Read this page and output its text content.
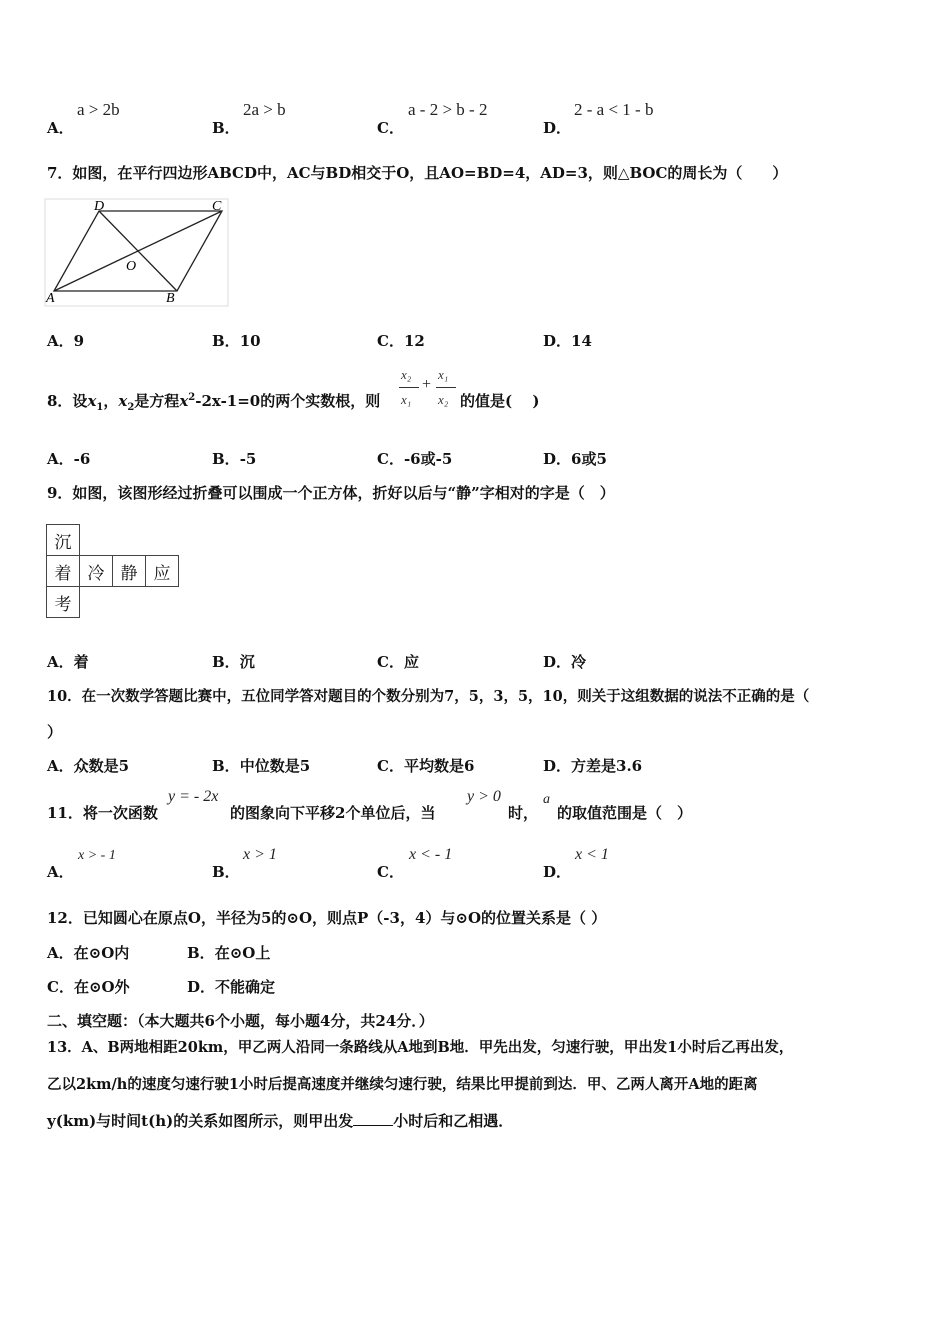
A．
a > 2b
B．
2a > b
C．
a - 2 > b - 2
D．
2 - a < 1 - b
7．如图，在平行四边形ABCD中，AC与BD相交于O，且AO=BD=4，AD=3，则△BOC的周长为（　　）
A	B
C
D
O
A．9	B．10	C．12	D．14
8．设$x_1$，$x_2$是方程$x^2-2x-1=0$的两个实数根，则
x₂
x₁
+
x₁
x₂ 的值是(　 )
A．-6	B．-5	C．-6或-5	D．6或5
9．如图，该图形经过折叠可以围成一个正方体，折好以后与“静”字相对的字是（　）
沉			
着	冷	静	应
考			
A．着	B．沉	C．应	D．冷
10．在一次数学答题比赛中，五位同学答对题目的个数分别为7，5，3，5，10，则关于这组数据的说法不正确的是（
）
A．众数是5	B．中位数是5	C．平均数是6	D．方差是3.6
11．将一次函数
y = - 2x
的图象向下平移2个单位后，当
y > 0
时，
a
的取值范围是（　）
A．
x > - 1
B．
x > 1
C．
x < - 1
D．
x < 1
12．已知圆心在原点O，半径为5的⊙O，则点P（-3，4）与⊙O的位置关系是（ ）
A．在⊙O内	B．在⊙O上
C．在⊙O外	D．不能确定
二、填空题：（本大题共6个小题，每小题4分，共24分．）
13．A、B两地相距20km，甲乙两人沿同一条路线从A地到B地．甲先出发，匀速行驶，甲出发1小时后乙再出发，
乙以2km/h的速度匀速行驶1小时后提高速度并继续匀速行驶，结果比甲提前到达．甲、乙两人离开A地的距离
y(km)与时间t(h)的关系如图所示，则甲出发	小时后和乙相遇．
